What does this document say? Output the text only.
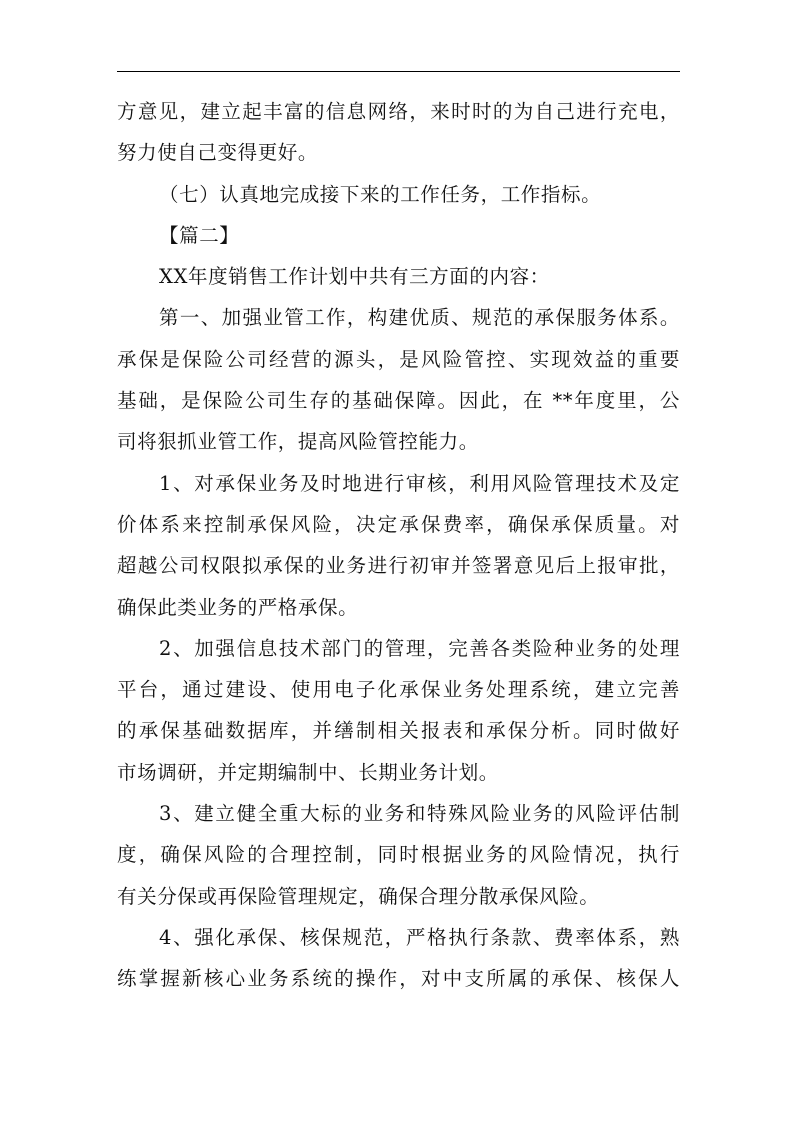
方意见，建立起丰富的信息网络，来时时的为自己进行充电，
努力使自己变得更好。
（七）认真地完成接下来的工作任务，工作指标。
【篇二】
XX年度销售工作计划中共有三方面的内容：
第一、加强业管工作，构建优质、规范的承保服务体系。
承保是保险公司经营的源头，是风险管控、实现效益的重要
基础，是保险公司生存的基础保障。因此，在 **年度里，公
司将狠抓业管工作，提高风险管控能力。
1、对承保业务及时地进行审核，利用风险管理技术及定
价体系来控制承保风险，决定承保费率，确保承保质量。对
超越公司权限拟承保的业务进行初审并签署意见后上报审批，
确保此类业务的严格承保。
2、加强信息技术部门的管理，完善各类险种业务的处理
平台，通过建设、使用电子化承保业务处理系统，建立完善
的承保基础数据库，并缮制相关报表和承保分析。同时做好
市场调研，并定期编制中、长期业务计划。
3、建立健全重大标的业务和特殊风险业务的风险评估制
度，确保风险的合理控制，同时根据业务的风险情况，执行
有关分保或再保险管理规定，确保合理分散承保风险。
4、强化承保、核保规范，严格执行条款、费率体系，熟
练掌握新核心业务系统的操作，对中支所属的承保、核保人
